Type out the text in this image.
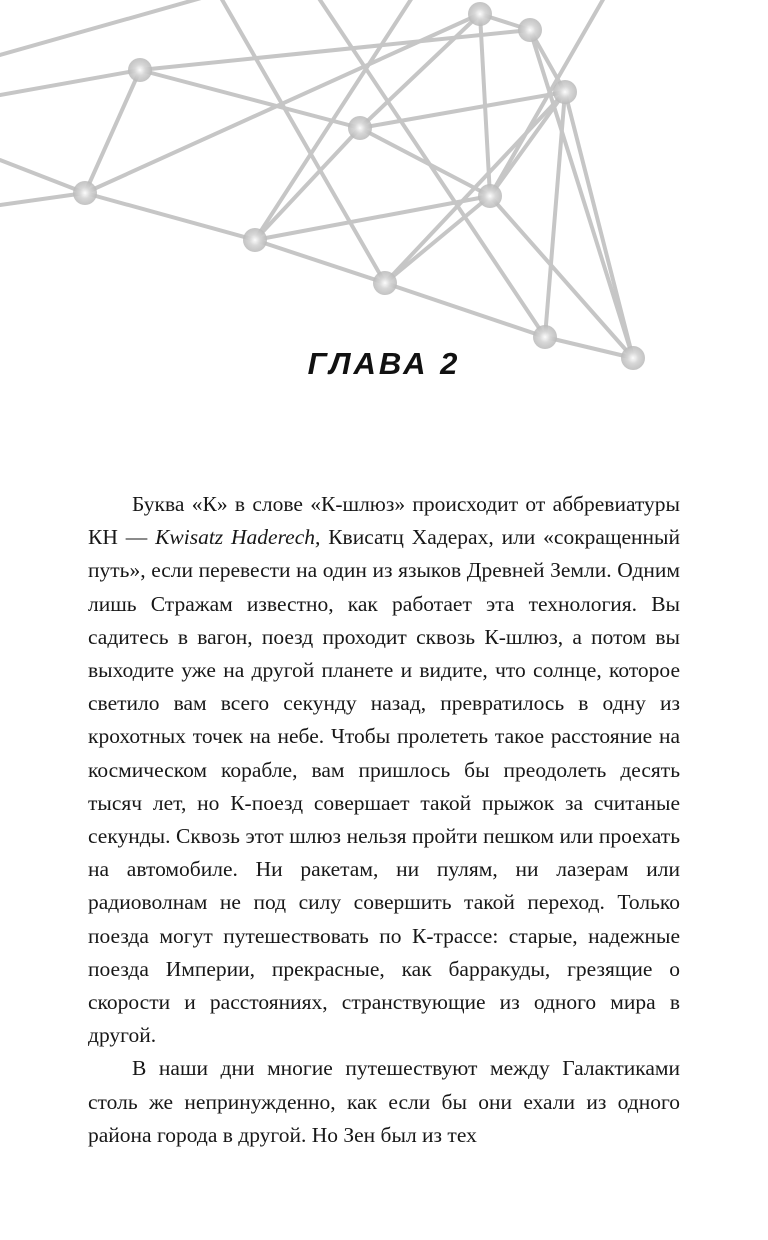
ГЛАВА 2

Буква «К» в слове «К-шлюз» происходит от аббревиатуры КН — Kwisatz Haderech, Квисатц Хадерах, или «сокращенный путь», если перевести на один из языков Древней Земли. Одним лишь Стражам известно, как работает эта технология. Вы садитесь в вагон, поезд проходит сквозь К-шлюз, а потом вы выходите уже на другой планете и видите, что солнце, которое светило вам всего секунду назад, превратилось в одну из крохотных точек на небе. Чтобы пролететь такое расстояние на космическом корабле, вам пришлось бы преодолеть десять тысяч лет, но К-поезд совершает такой прыжок за считаные секунды. Сквозь этот шлюз нельзя пройти пешком или проехать на автомобиле. Ни ракетам, ни пулям, ни лазерам или радиоволнам не под силу совершить такой переход. Только поезда могут путешествовать по К-трассе: старые, надежные поезда Империи, прекрасные, как барракуды, грезящие о скорости и расстояниях, странствующие из одного мира в другой.

В наши дни многие путешествуют между Галактиками столь же непринужденно, как если бы они ехали из одного района города в другой. Но Зен был из тех
